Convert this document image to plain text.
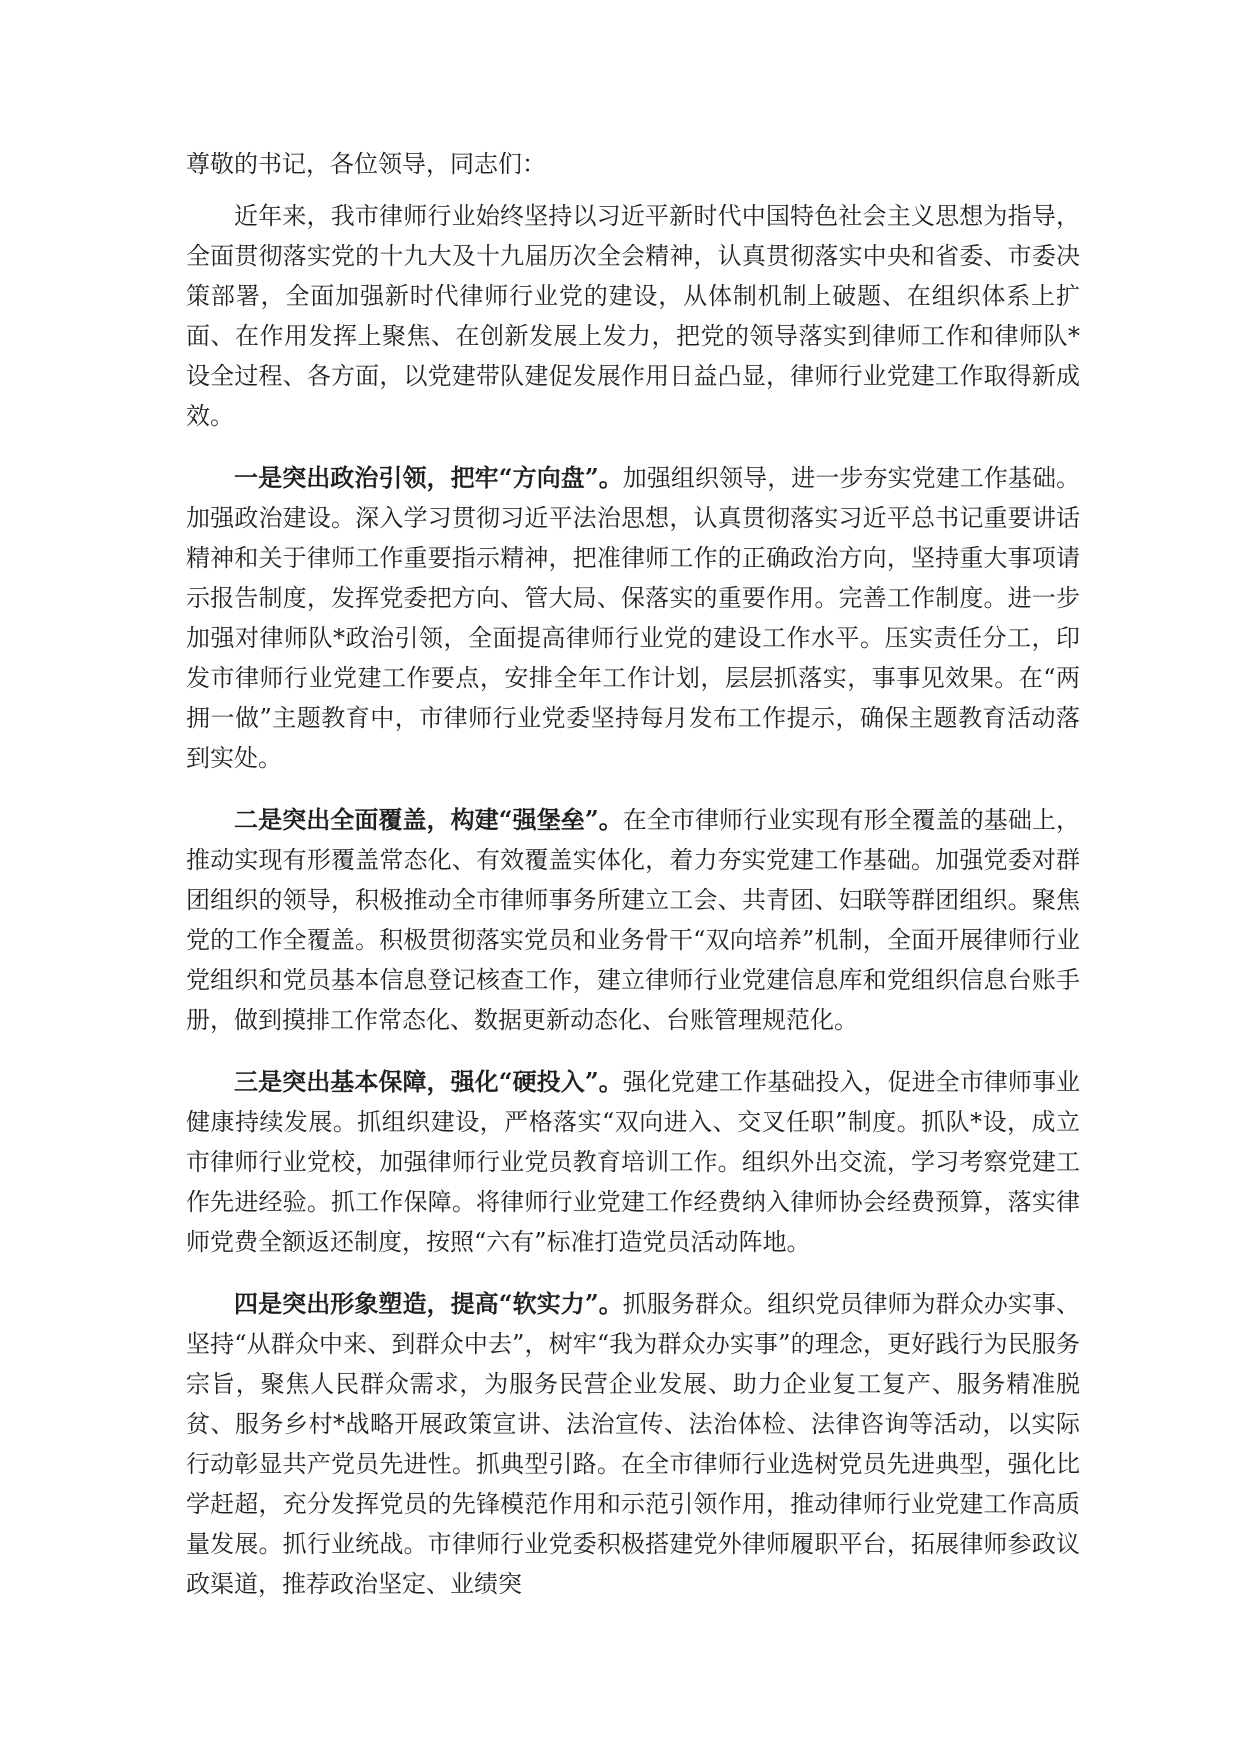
尊敬的书记，各位领导，同志们：

近年来，我市律师行业始终坚持以习近平新时代中国特色社会主义思想为指导，全面贯彻落实党的十九大及十九届历次全会精神，认真贯彻落实中央和省委、市委决策部署，全面加强新时代律师行业党的建设，从体制机制上破题、在组织体系上扩面、在作用发挥上聚焦、在创新发展上发力，把党的领导落实到律师工作和律师队*设全过程、各方面，以党建带队建促发展作用日益凸显，律师行业党建工作取得新成效。

一是突出政治引领，把牢“方向盘”。加强组织领导，进一步夯实党建工作基础。加强政治建设。深入学习贯彻习近平法治思想，认真贯彻落实习近平总书记重要讲话精神和关于律师工作重要指示精神，把准律师工作的正确政治方向，坚持重大事项请示报告制度，发挥党委把方向、管大局、保落实的重要作用。完善工作制度。进一步加强对律师队*政治引领，全面提高律师行业党的建设工作水平。压实责任分工，印发市律师行业党建工作要点，安排全年工作计划，层层抓落实，事事见效果。在“两拥一做”主题教育中，市律师行业党委坚持每月发布工作提示，确保主题教育活动落到实处。

二是突出全面覆盖，构建“强堡垒”。在全市律师行业实现有形全覆盖的基础上，推动实现有形覆盖常态化、有效覆盖实体化，着力夯实党建工作基础。加强党委对群团组织的领导，积极推动全市律师事务所建立工会、共青团、妇联等群团组织。聚焦党的工作全覆盖。积极贯彻落实党员和业务骨干“双向培养”机制，全面开展律师行业党组织和党员基本信息登记核查工作，建立律师行业党建信息库和党组织信息台账手册，做到摸排工作常态化、数据更新动态化、台账管理规范化。

三是突出基本保障，强化“硬投入”。强化党建工作基础投入，促进全市律师事业健康持续发展。抓组织建设，严格落实“双向进入、交叉任职”制度。抓队*设，成立市律师行业党校，加强律师行业党员教育培训工作。组织外出交流，学习考察党建工作先进经验。抓工作保障。将律师行业党建工作经费纳入律师协会经费预算，落实律师党费全额返还制度，按照“六有”标准打造党员活动阵地。

四是突出形象塑造，提高“软实力”。抓服务群众。组织党员律师为群众办实事、坚持“从群众中来、到群众中去”，树牢“我为群众办实事”的理念，更好践行为民服务宗旨，聚焦人民群众需求，为服务民营企业发展、助力企业复工复产、服务精准脱贫、服务乡村*战略开展政策宣讲、法治宣传、法治体检、法律咨询等活动，以实际行动彰显共产党员先进性。抓典型引路。在全市律师行业选树党员先进典型，强化比学赶超，充分发挥党员的先锋模范作用和示范引领作用，推动律师行业党建工作高质量发展。抓行业统战。市律师行业党委积极搭建党外律师履职平台，拓展律师参政议政渠道，推荐政治坚定、业绩突
